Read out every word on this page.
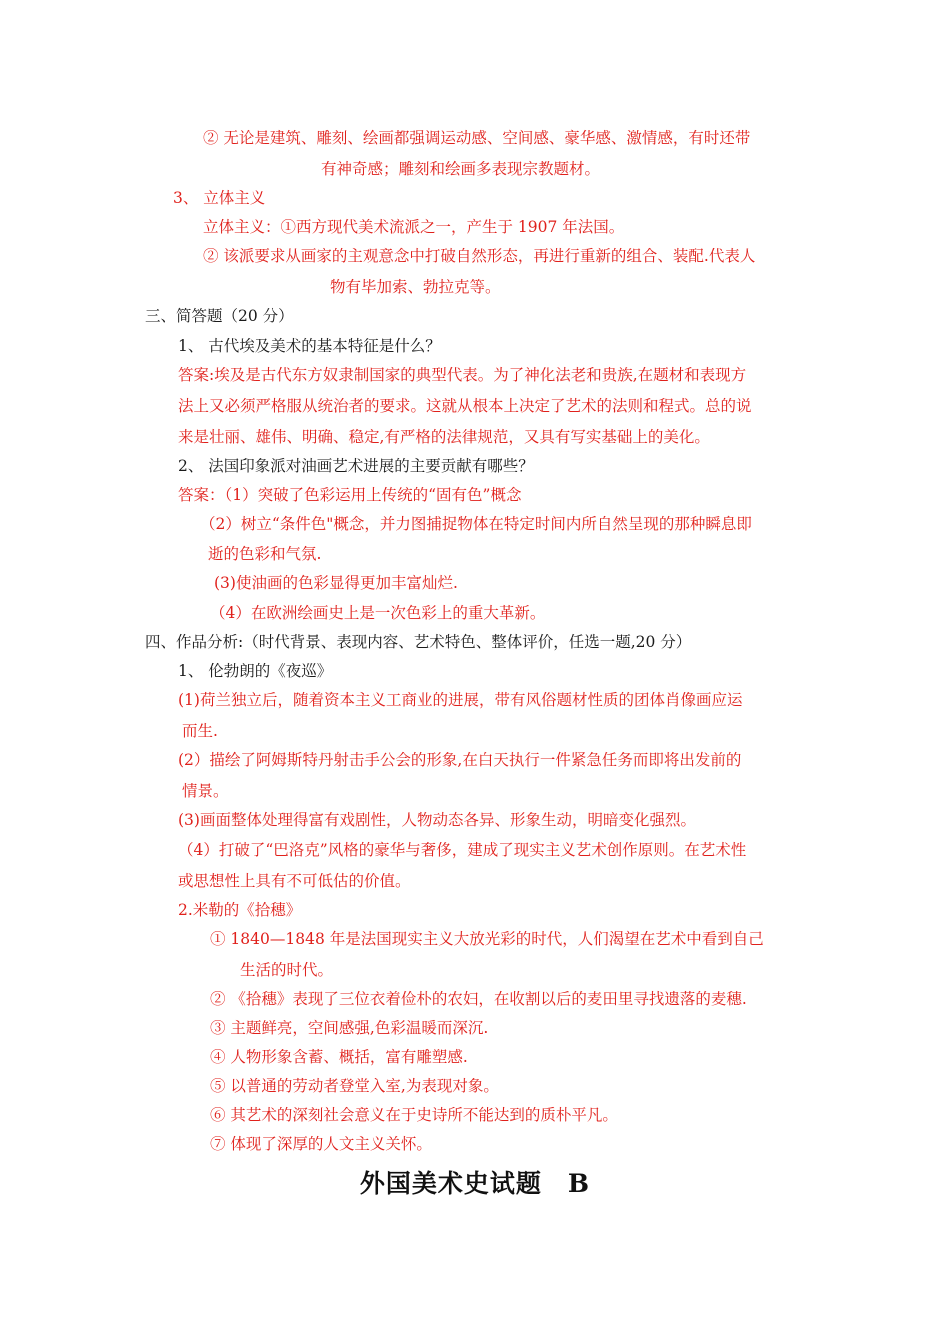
② 无论是建筑、雕刻、绘画都强调运动感、空间感、豪华感、激情感，有时还带
有神奇感；雕刻和绘画多表现宗教题材。
3、 立体主义
立体主义：①西方现代美术流派之一，产生于 1907 年法国。
② 该派要求从画家的主观意念中打破自然形态，再进行重新的组合、装配.代表人
物有毕加索、勃拉克等。
三、简答题（20 分）
1、 古代埃及美术的基本特征是什么？
答案:埃及是古代东方奴隶制国家的典型代表。为了神化法老和贵族,在题材和表现方
法上又必须严格服从统治者的要求。这就从根本上决定了艺术的法则和程式。总的说
来是壮丽、雄伟、明确、稳定,有严格的法律规范，又具有写实基础上的美化。
2、 法国印象派对油画艺术进展的主要贡献有哪些？
答案：（1）突破了色彩运用上传统的“固有色”概念
（2）树立“条件色"概念，并力图捕捉物体在特定时间内所自然呈现的那种瞬息即
逝的色彩和气氛.
(3)使油画的色彩显得更加丰富灿烂.
（4）在欧洲绘画史上是一次色彩上的重大革新。
四、作品分析:（时代背景、表现内容、艺术特色、整体评价，任选一题,20 分）
1、 伦勃朗的《夜巡》
(1)荷兰独立后，随着资本主义工商业的进展，带有风俗题材性质的团体肖像画应运
而生.
(2）描绘了阿姆斯特丹射击手公会的形象,在白天执行一件紧急任务而即将出发前的
情景。
(3)画面整体处理得富有戏剧性，人物动态各异、形象生动，明暗变化强烈。
（4）打破了“巴洛克”风格的豪华与奢侈，建成了现实主义艺术创作原则。在艺术性
或思想性上具有不可低估的价值。
2.米勒的《拾穗》
① 1840—1848 年是法国现实主义大放光彩的时代，人们渴望在艺术中看到自己
生活的时代。
② 《拾穗》表现了三位衣着俭朴的农妇，在收割以后的麦田里寻找遗落的麦穗.
③ 主题鲜亮，空间感强,色彩温暖而深沉.
④ 人物形象含蓄、概括，富有雕塑感.
⑤ 以普通的劳动者登堂入室,为表现对象。
⑥ 其艺术的深刻社会意义在于史诗所不能达到的质朴平凡。
⑦ 体现了深厚的人文主义关怀。
外国美术史试题　B
